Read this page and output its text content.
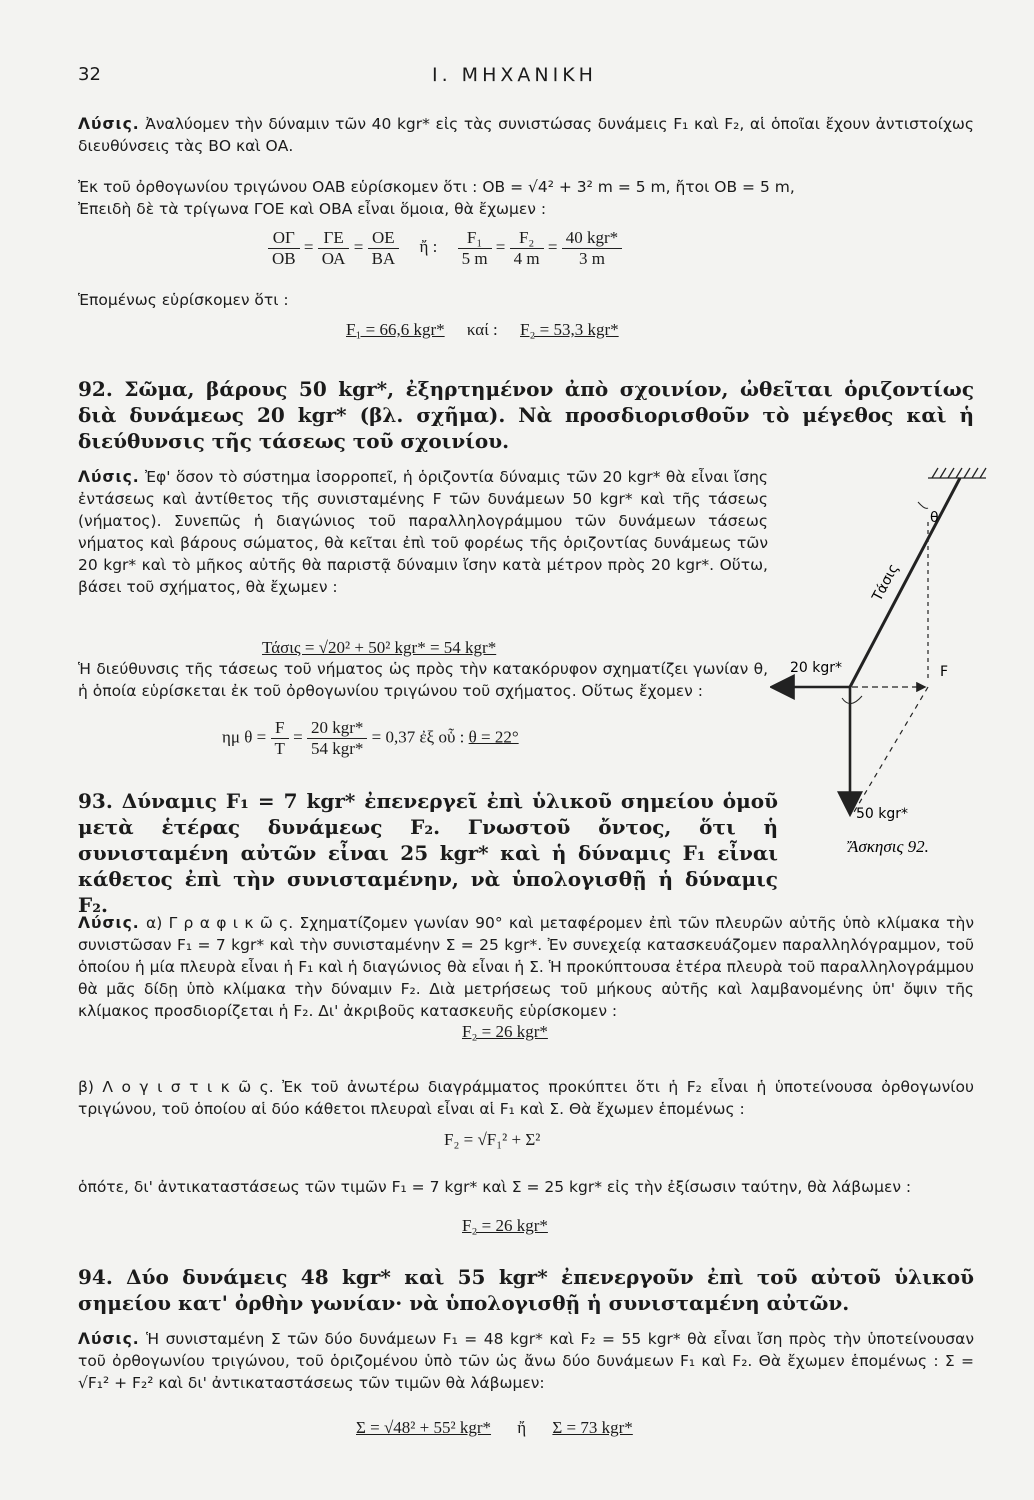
32	Ι. ΜΗΧΑΝΙΚΗ
Λύσις. Ἀναλύομεν τὴν δύναμιν τῶν 40 kgr* εἰς τὰς συνιστώσας δυνάμεις F₁ καὶ F₂, αἱ ὁποῖαι ἔχουν ἀντιστοίχως διευθύνσεις τὰς ΒΟ καὶ ΟΑ.
Ἐκ τοῦ ὀρθογωνίου τριγώνου ΟΑΒ εὑρίσκομεν ὅτι : ΟΒ = √4² + 3² m = 5 m, ἤτοι ΟΒ = 5 m,
Ἐπειδὴ δὲ τὰ τρίγωνα ΓΟΕ καὶ ΟΒΑ εἶναι ὅμοια, θὰ ἔχωμεν :
$\frac{O\Gamma}{OB} = \frac{\Gamma E}{OA} = \frac{OE}{BA}$ ἤ : $\frac{\text{F₁}}{5 m} = \frac{\text{F₂}}{4 m} = \frac{\text{40 kgr*}}{3 m}$
Ἑπομένως εὑρίσκομεν ὅτι :
F₁ = 66,6 kgr* καί : F₂ = 53,3 kgr*
92. Σῶμα, βάρους 50 kgr*, ἐξηρτημένον ἀπὸ σχοινίον, ὠθεῖται ὁριζοντίως διὰ δυνάμεως 20 kgr* (βλ. σχῆμα). Νὰ προσδιορισθοῦν τὸ μέγεθος καὶ ἡ διεύθυνσις τῆς τάσεως τοῦ σχοινίου.
Λύσις. Ἐφ' ὅσον τὸ σύστημα ἰσορροπεῖ, ἡ ὁριζοντία δύναμις τῶν 20 kgr* θὰ εἶναι ἴσης ἐντάσεως καὶ ἀντίθετος τῆς συνισταμένης F τῶν δυνάμεων 50 kgr* καὶ τῆς τάσεως (νήματος). Συνεπῶς ἡ διαγώνιος τοῦ παραλληλογράμμου τῶν δυνάμεων τάσεως νήματος καὶ βάρους σώματος, θὰ κεῖται ἐπὶ τοῦ φορέως τῆς ὁριζοντίας δυνάμεως τῶν 20 kgr* καὶ τὸ μῆκος αὐτῆς θὰ παριστᾷ δύναμιν ἴσην κατὰ μέτρον πρὸς 20 kgr*. Οὕτω, βάσει τοῦ σχήματος, θὰ ἔχωμεν :
Τάσις = √20² + 50² kgr* = 54 kgr*
Ἡ διεύθυνσις τῆς τάσεως τοῦ νήματος ὡς πρὸς τὴν κατακόρυφον σχηματίζει γωνίαν θ, ἡ ὁποία εὑρίσκεται ἐκ τοῦ ὀρθογωνίου τριγώνου τοῦ σχήματος. Οὕτως ἔχομεν :
ημ $\theta = \frac{F}{T} = \frac{\text{20 kgr*}}{\text{54 kgr*}} = 0,37$ ἐξ οὗ : θ = 22°
20 kgr*
50 kgr*
F
Τάσις
θ
Ἄσκησις 92.
93. Δύναμις F₁ = 7 kgr* ἐπενεργεῖ ἐπὶ ὑλικοῦ σημείου ὁμοῦ μετὰ ἑτέρας δυνάμεως F₂. Γνωστοῦ ὄντος, ὅτι ἡ συνισταμένη αὐτῶν εἶναι 25 kgr* καὶ ἡ δύναμις F₁ εἶναι κάθετος ἐπὶ τὴν συνισταμένην, νὰ ὑπολογισθῇ ἡ δύναμις F₂.
Λύσις. α) Γ ρ α φ ι κ ῶ ς. Σχηματίζομεν γωνίαν 90° καὶ μεταφέρομεν ἐπὶ τῶν πλευρῶν αὐτῆς ὑπὸ κλίμακα τὴν συνιστῶσαν F₁ = 7 kgr* καὶ τὴν συνισταμένην Σ = 25 kgr*. Ἐν συνεχείᾳ κατασκευάζομεν παραλληλόγραμμον, τοῦ ὁποίου ἡ μία πλευρὰ εἶναι ἡ F₁ καὶ ἡ διαγώνιος θὰ εἶναι ἡ Σ. Ἡ προκύπτουσα ἑτέρα πλευρὰ τοῦ παραλληλογράμμου θὰ μᾶς δίδῃ ὑπὸ κλίμακα τὴν δύναμιν F₂. Διὰ μετρήσεως τοῦ μήκους αὐτῆς καὶ λαμβανομένης ὑπ' ὄψιν τῆς κλίμακος προσδιορίζεται ἡ F₂. Δι' ἀκριβοῦς κατασκευῆς εὑρίσκομεν :
F₂ = 26 kgr*
β) Λ ο γ ι σ τ ι κ ῶ ς. Ἐκ τοῦ ἀνωτέρω διαγράμματος προκύπτει ὅτι ἡ F₂ εἶναι ἡ ὑποτείνουσα ὀρθογωνίου τριγώνου, τοῦ ὁποίου αἱ δύο κάθετοι πλευραὶ εἶναι αἱ F₁ καὶ Σ. Θὰ ἔχωμεν ἑπομένως :
F₂ = √F₁² + Σ²
ὁπότε, δι' ἀντικαταστάσεως τῶν τιμῶν F₁ = 7 kgr* καὶ Σ = 25 kgr* εἰς τὴν ἐξίσωσιν ταύτην, θὰ λάβωμεν :
F₂ = 26 kgr*
94. Δύο δυνάμεις 48 kgr* καὶ 55 kgr* ἐπενεργοῦν ἐπὶ τοῦ αὐτοῦ ὑλικοῦ σημείου κατ' ὀρθὴν γωνίαν· νὰ ὑπολογισθῇ ἡ συνισταμένη αὐτῶν.
Λύσις. Ἡ συνισταμένη Σ τῶν δύο δυνάμεων F₁ = 48 kgr* καὶ F₂ = 55 kgr* θὰ εἶναι ἴση πρὸς τὴν ὑποτείνουσαν τοῦ ὀρθογωνίου τριγώνου, τοῦ ὁριζομένου ὑπὸ τῶν ὡς ἄνω δύο δυνάμεων F₁ καὶ F₂. Θὰ ἔχωμεν ἑπομένως : Σ = √F₁² + F₂² καὶ δι' ἀντικαταστάσεως τῶν τιμῶν θὰ λάβωμεν:
Σ = √48² + 55² kgr* ἤ Σ = 73 kgr*
